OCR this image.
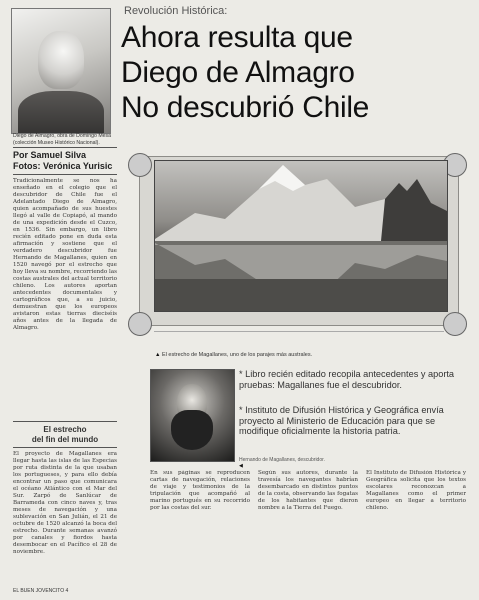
Diego de Almagro, obra de Domingo Mesa
(colección Museo Histórico Nacional).
Revolución Histórica:
Ahora resulta que
Diego de Almagro
No descubrió Chile
Por Samuel Silva
Fotos: Verónica Yurisic
Tradicionalmente se nos ha enseñado en el colegio que el descubridor de Chile fue el Adelantado Diego de Almagro, quien acompañado de sus huestes llegó al valle de Copiapó, al mando de una expedición desde el Cuzco, en 1536. Sin embargo, un libro recién editado pone en duda esta afirmación y sostiene que el verdadero descubridor fue Hernando de Magallanes, quien en 1520 navegó por el estrecho que hoy lleva su nombre, recorriendo las costas australes del actual territorio chileno. Los autores aportan antecedentes documentales y cartográficos que, a su juicio, demuestran que los europeos avistaron estas tierras dieciséis años antes de la llegada de Almagro.
▲ El estrecho de Magallanes, uno de los parajes más australes.
El estrecho
del fin del mundo
El proyecto de Magallanes era llegar hasta las islas de las Especias por ruta distinta de la que usaban los portugueses, y para ello debía encontrar un paso que comunicara el océano Atlántico con el Mar del Sur. Zarpó de Sanlúcar de Barrameda con cinco naves y, tras meses de navegación y una sublevación en San Julián, el 21 de octubre de 1520 alcanzó la boca del estrecho. Durante semanas avanzó por canales y fiordos hasta desembocar en el Pacífico el 28 de noviembre.
* Libro recién editado recopila antecedentes y aporta pruebas: Magallanes fue el descubridor.
* Instituto de Difusión Histórica y Geográfica envía proyecto al Ministerio de Educación para que se modifique oficialmente la historia patria.
Hernando de Magallanes, descubridor.
◀
En sus páginas se reproducen cartas de navegación, relaciones de viaje y testimonios de la tripulación que acompañó al marino portugués en su recorrido por las costas del sur.
Según sus autores, durante la travesía los navegantes habrían desembarcado en distintos puntos de la costa, observando las fogatas de los habitantes que dieron nombre a la Tierra del Fuego.
El Instituto de Difusión Histórica y Geográfica solicita que los textos escolares reconozcan a Magallanes como el primer europeo en llegar a territorio chileno.
EL BUEN JOVENCITO 4
